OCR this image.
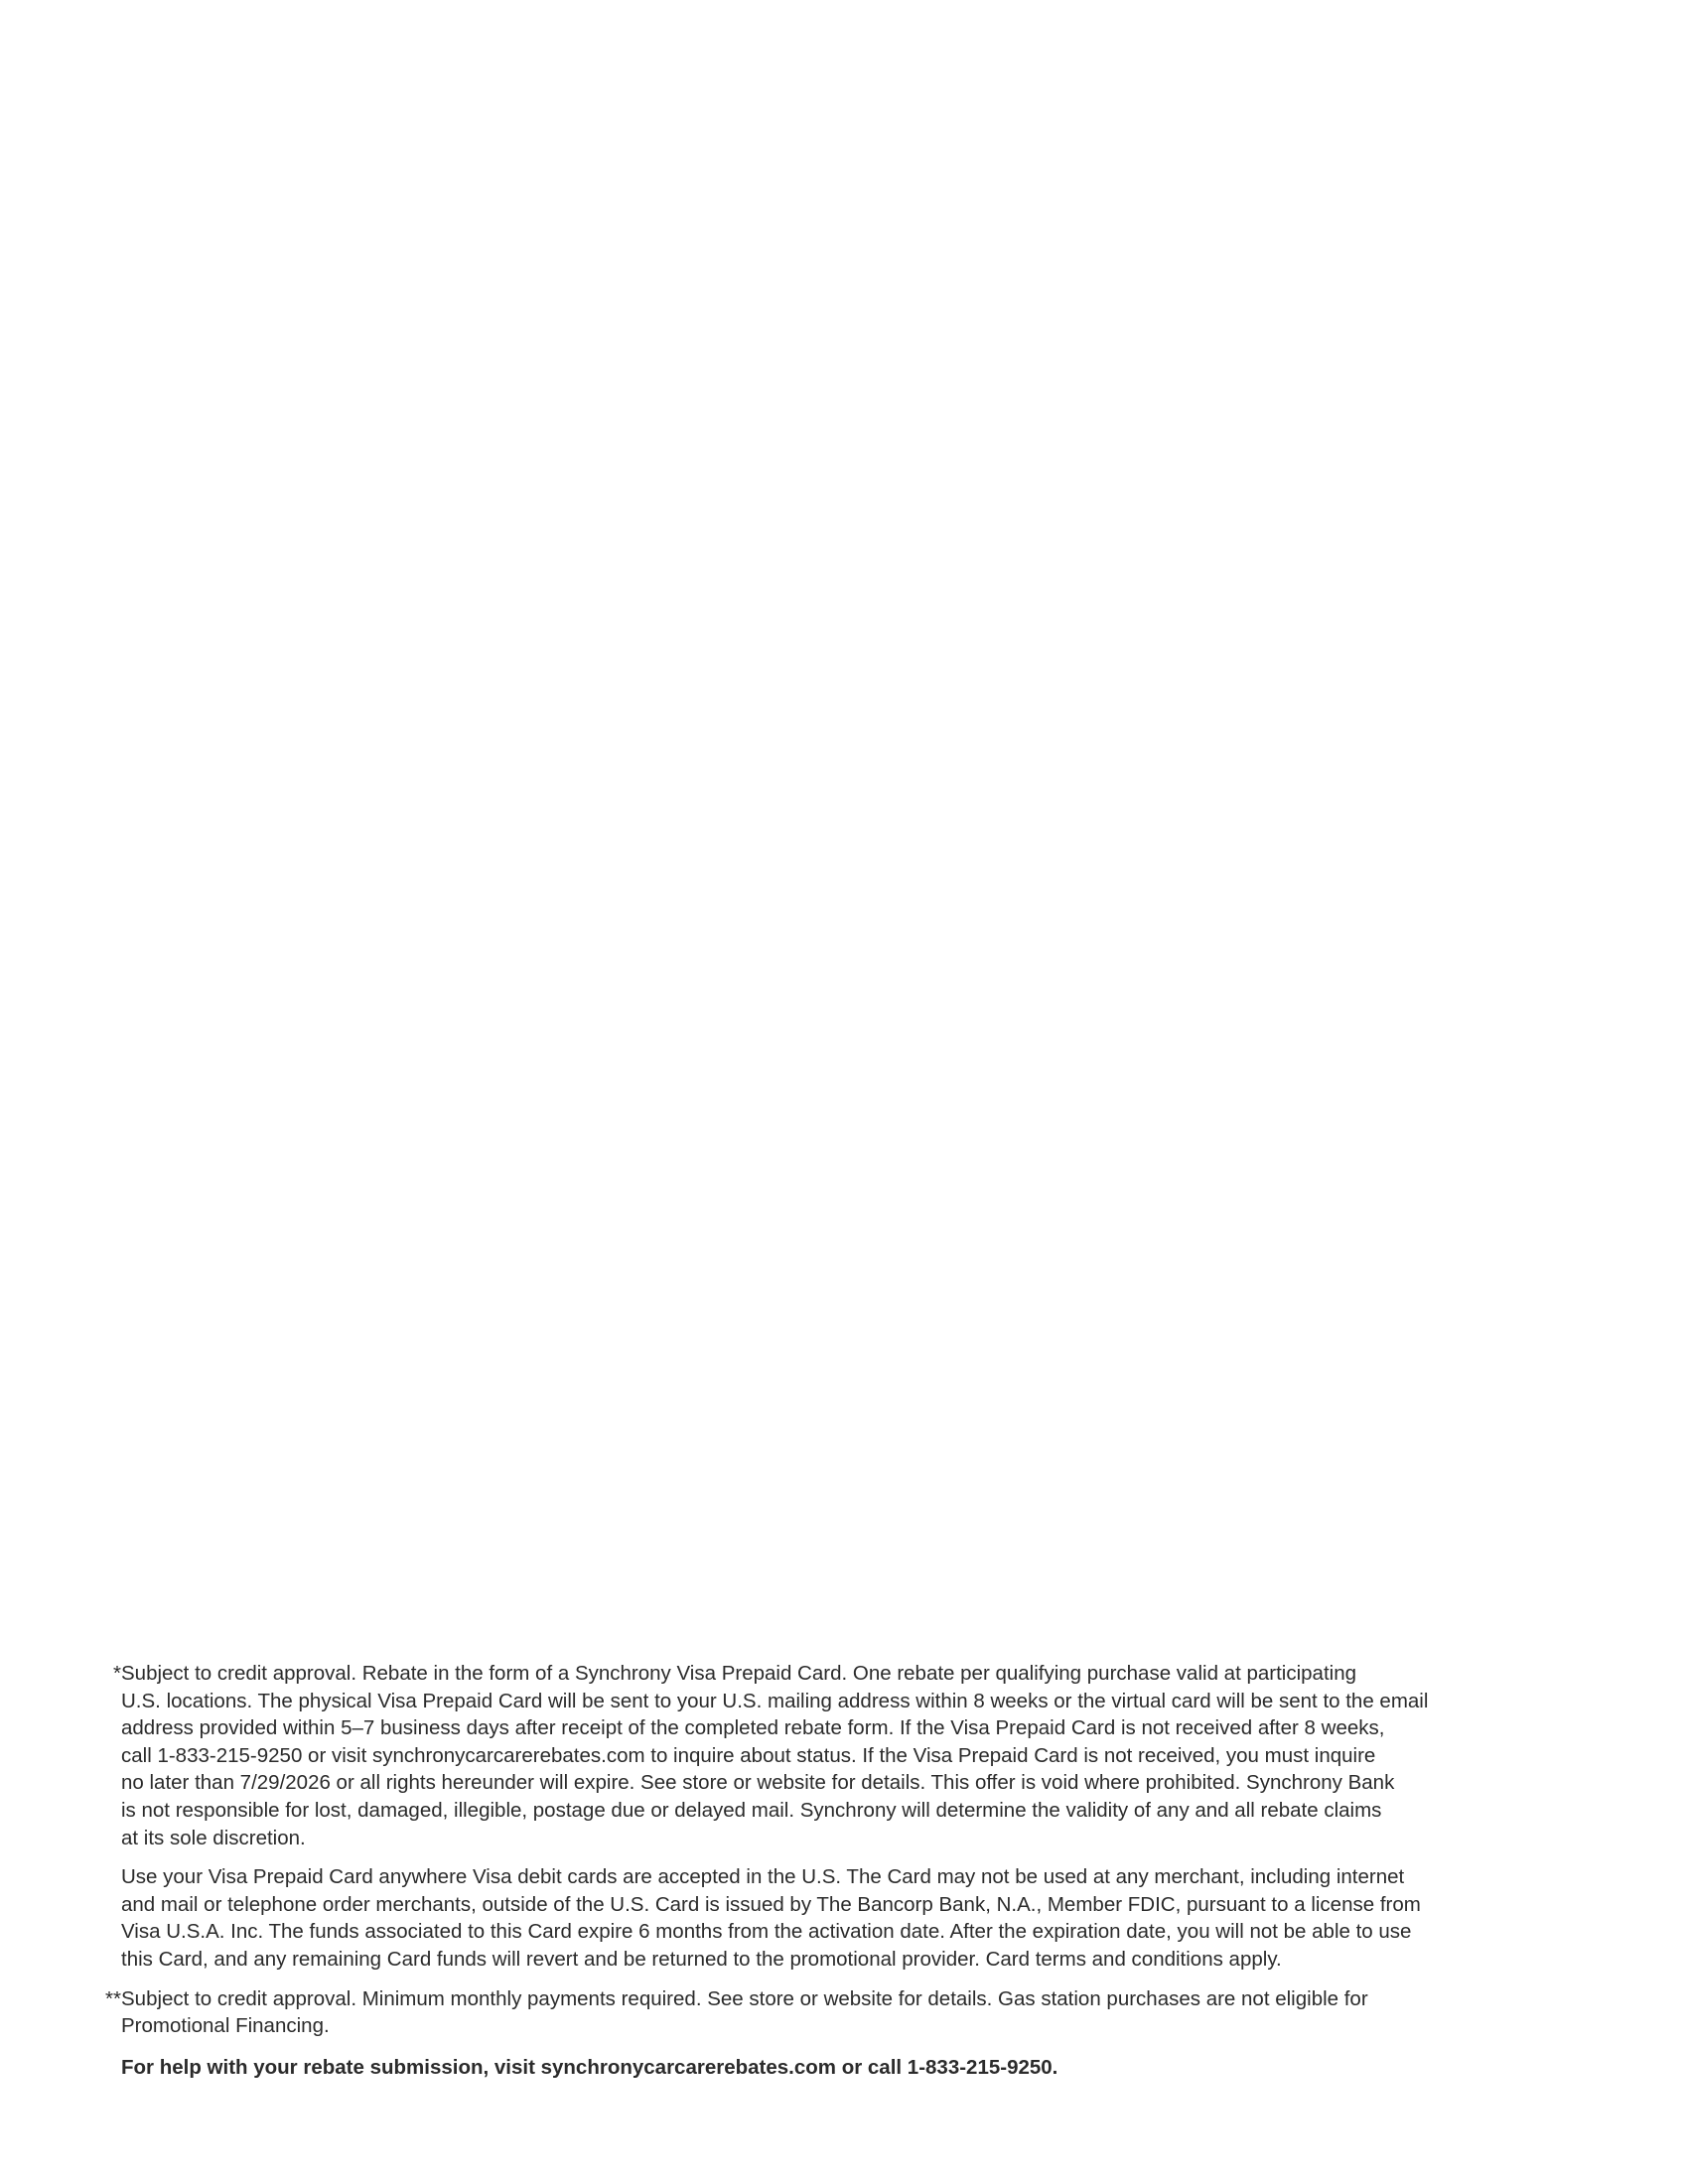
* Subject to credit approval. Rebate in the form of a Synchrony Visa Prepaid Card. One rebate per qualifying purchase valid at participating
U.S. locations. The physical Visa Prepaid Card will be sent to your U.S. mailing address within 8 weeks or the virtual card will be sent to the email
address provided within 5–7 business days after receipt of the completed rebate form. If the Visa Prepaid Card is not received after 8 weeks,
call 1-833-215-9250 or visit synchronycarcarerebates.com to inquire about status. If the Visa Prepaid Card is not received, you must inquire
no later than 7/29/2026 or all rights hereunder will expire. See store or website for details. This offer is void where prohibited. Synchrony Bank
is not responsible for lost, damaged, illegible, postage due or delayed mail. Synchrony will determine the validity of any and all rebate claims
at its sole discretion.
Use your Visa Prepaid Card anywhere Visa debit cards are accepted in the U.S. The Card may not be used at any merchant, including internet
and mail or telephone order merchants, outside of the U.S. Card is issued by The Bancorp Bank, N.A., Member FDIC, pursuant to a license from
Visa U.S.A. Inc. The funds associated to this Card expire 6 months from the activation date. After the expiration date, you will not be able to use
this Card, and any remaining Card funds will revert and be returned to the promotional provider. Card terms and conditions apply.
** Subject to credit approval. Minimum monthly payments required. See store or website for details. Gas station purchases are not eligible for
Promotional Financing.
For help with your rebate submission, visit synchronycarcarerebates.com or call 1-833-215-9250.
